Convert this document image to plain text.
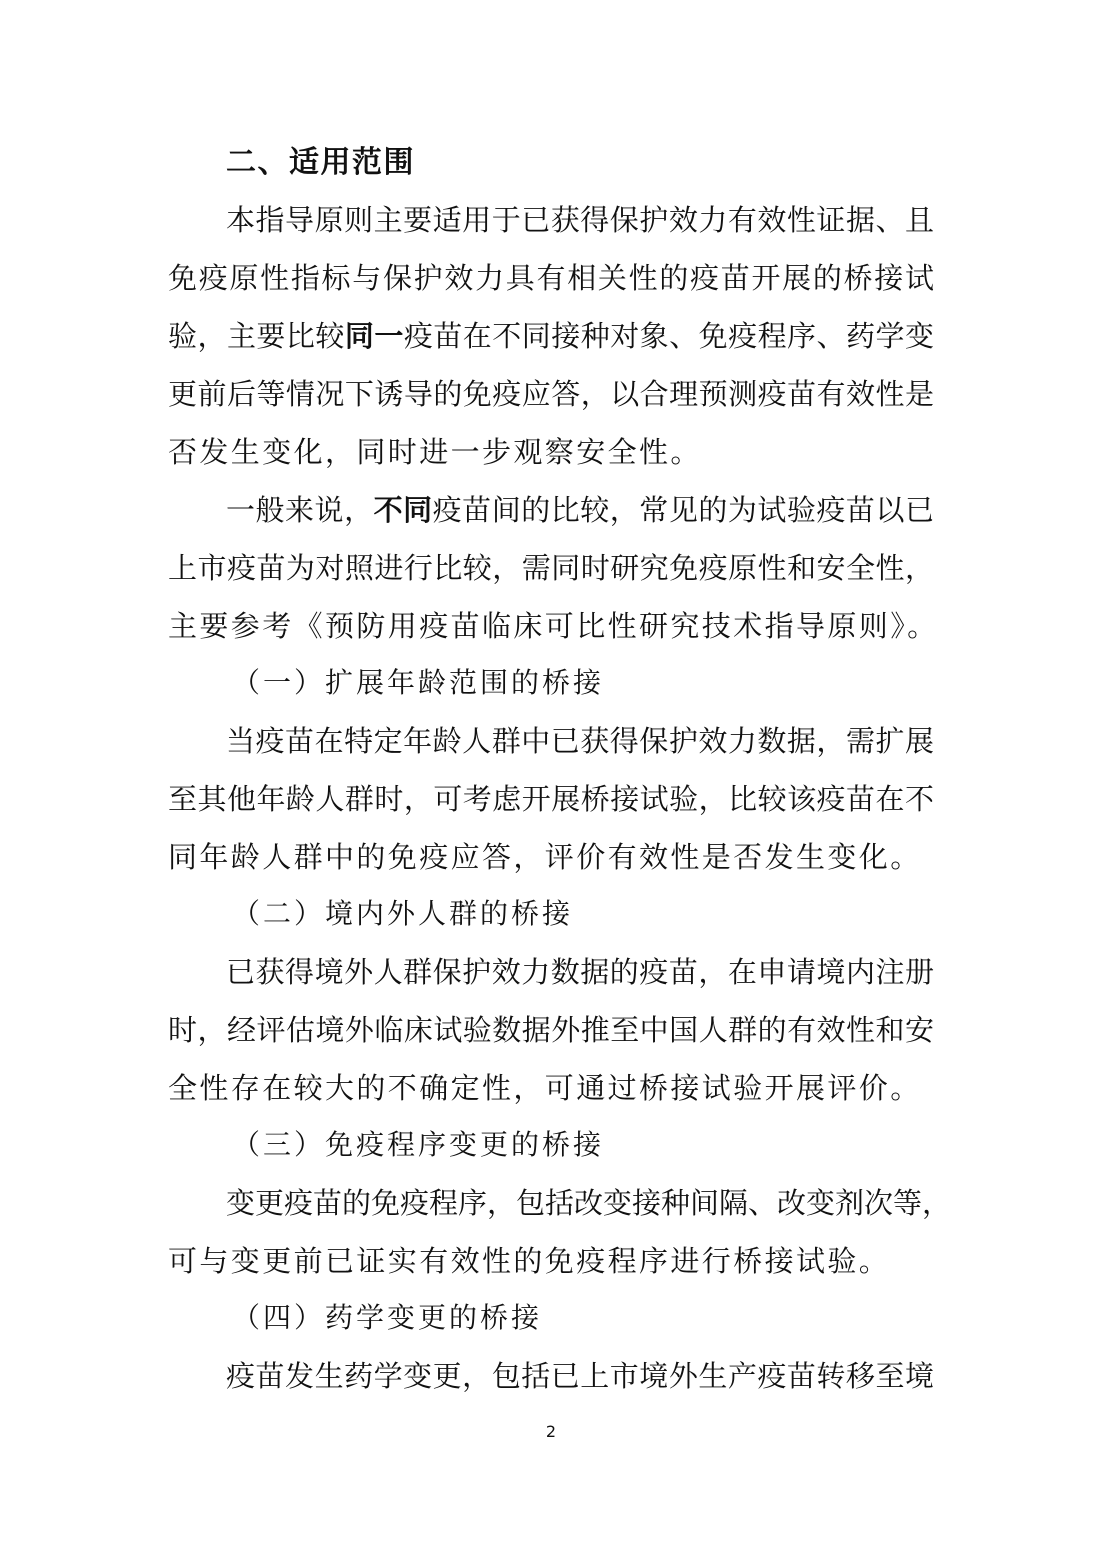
二、适用范围
本指导原则主要适用于已获得保护效力有效性证据、且
免疫原性指标与保护效力具有相关性的疫苗开展的桥接试
验，主要比较同一疫苗在不同接种对象、免疫程序、药学变
更前后等情况下诱导的免疫应答，以合理预测疫苗有效性是
否发生变化，同时进一步观察安全性。
一般来说，不同疫苗间的比较，常见的为试验疫苗以已
上市疫苗为对照进行比较，需同时研究免疫原性和安全性，
主要参考《预防用疫苗临床可比性研究技术指导原则》。
（一）扩展年龄范围的桥接
当疫苗在特定年龄人群中已获得保护效力数据，需扩展
至其他年龄人群时，可考虑开展桥接试验，比较该疫苗在不
同年龄人群中的免疫应答，评价有效性是否发生变化。
（二）境内外人群的桥接
已获得境外人群保护效力数据的疫苗，在申请境内注册
时，经评估境外临床试验数据外推至中国人群的有效性和安
全性存在较大的不确定性，可通过桥接试验开展评价。
（三）免疫程序变更的桥接
变更疫苗的免疫程序，包括改变接种间隔、改变剂次等，
可与变更前已证实有效性的免疫程序进行桥接试验。
（四）药学变更的桥接
疫苗发生药学变更，包括已上市境外生产疫苗转移至境
2
